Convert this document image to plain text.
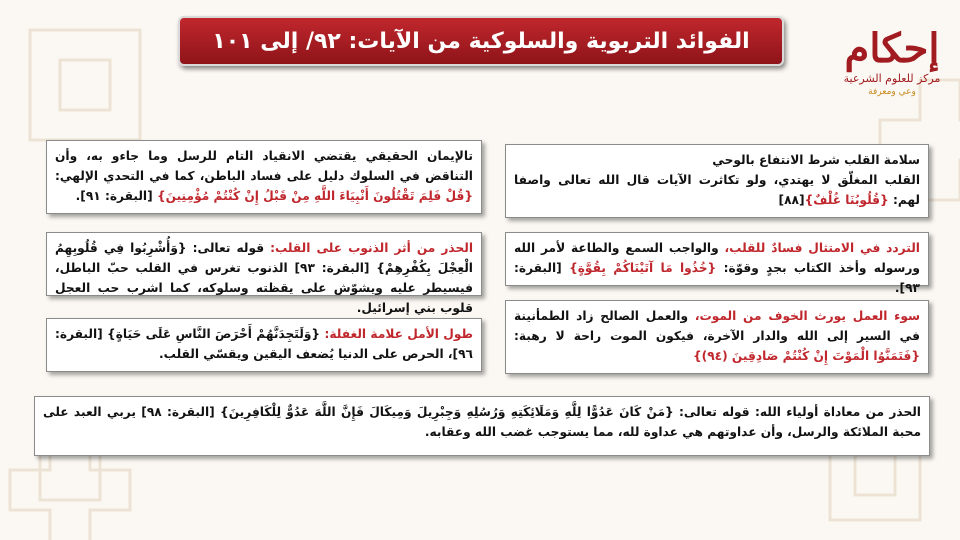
الفوائد التربوية والسلوكية من الآيات: ٩٢/ إلى ١٠١	إحكام
مركز للعلوم الشرعية
وعي ومعرفة
سلامة القلب شرط الانتفاع بالوحي
القلب المغلّق لا يهتدي، ولو تكاثرت الآيات قال الله تعالى واصفا لهم: {قُلُوبُنَا غُلْفٌ}[٨٨]
تالإيمان الحقيقي يقتضي الانقياد التام للرسل وما جاءو به، وأن التناقض في السلوك دليل على فساد الباطن، كما في التحدي الإلهي: {قُلْ فَلِمَ تَقْتُلُونَ أَنْبِيَاءَ اللَّهِ مِنْ قَبْلُ إِنْ كُنْتُمْ مُؤْمِنِينَ} [البقرة: ٩١].
التردد في الامتثال فسادٌ للقلب، والواجب السمع والطاعة لأمر الله ورسوله وأخذ الكتاب بجدٍ وقوّة: {خُذُوا مَا آتَيْنَاكُمْ بِقُوَّةٍ} [البقرة: ٩٣].
الحذر من أثر الذنوب على القلب: قوله تعالى: {وَأُشْرِبُوا فِي قُلُوبِهِمُ الْعِجْلَ بِكُفْرِهِمْ} [البقرة: ٩٣] الذنوب تغرس في القلب حبّ الباطل، فيسيطر عليه ويشوّش على يقظته وسلوكه، كما اشرب حب العجل قلوب بني إسرائيل.
سوء العمل يورث الخوف من الموت، والعمل الصالح زاد الطمأنينة في السير إلى الله والدار الآخرة، فيكون الموت راحة لا رهبة: {فَتَمَنَّوُا الْمَوْتَ إِنْ كُنْتُمْ صَادِقِينَ (٩٤)}
طول الأمل علامة الغفلة: {وَلَتَجِدَنَّهُمْ أَحْرَصَ النَّاسِ عَلَى حَيَاةٍ} [البقرة: ٩٦]، الحرص على الدنيا يُضعف اليقين ويقسّي القلب.
الحذر من معاداة أولياء الله: قوله تعالى: {مَنْ كَانَ عَدُوًّا لِلَّهِ وَمَلَائِكَتِهِ وَرُسُلِهِ وَجِبْرِيلَ وَمِيكَالَ فَإِنَّ اللَّهَ عَدُوٌّ لِلْكَافِرِينَ} [البقرة: ٩٨] يربي العبد على محبة الملائكة والرسل، وأن عداوتهم هي عداوة لله، مما يستوجب غضب الله وعقابه.
